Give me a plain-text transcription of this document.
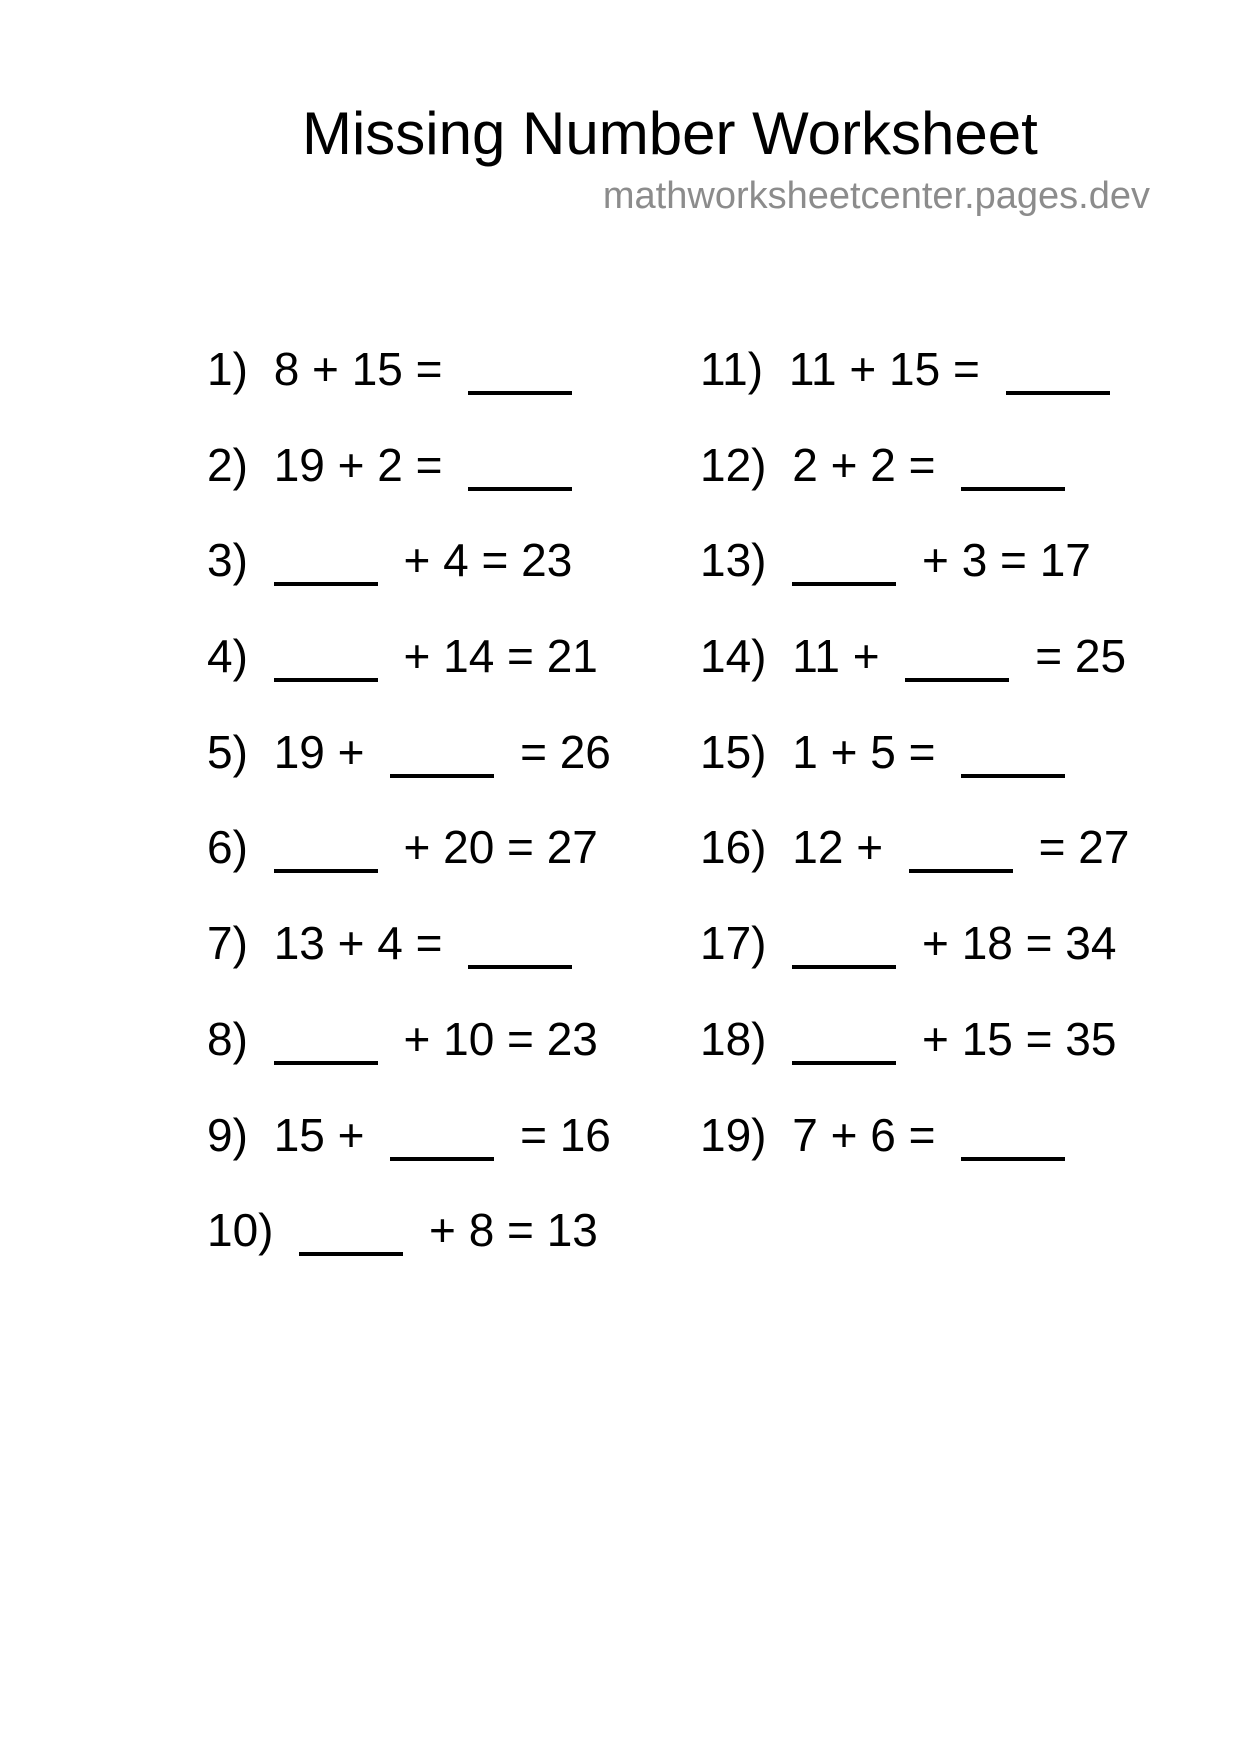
Missing Number Worksheet
mathworksheetcenter.pages.dev
1) 8 + 15 =
2) 19 + 2 =
3)	+ 4 = 23
4)	+ 14 = 21
5) 19 +	= 26
6)	+ 20 = 27
7) 13 + 4 =
8)	+ 10 = 23
9) 15 +	= 16
10)	+ 8 = 13
11) 11 + 15 =
12) 2 + 2 =
13)	+ 3 = 17
14) 11 +	= 25
15) 1 + 5 =
16) 12 +	= 27
17)	+ 18 = 34
18)	+ 15 = 35
19) 7 + 6 =
